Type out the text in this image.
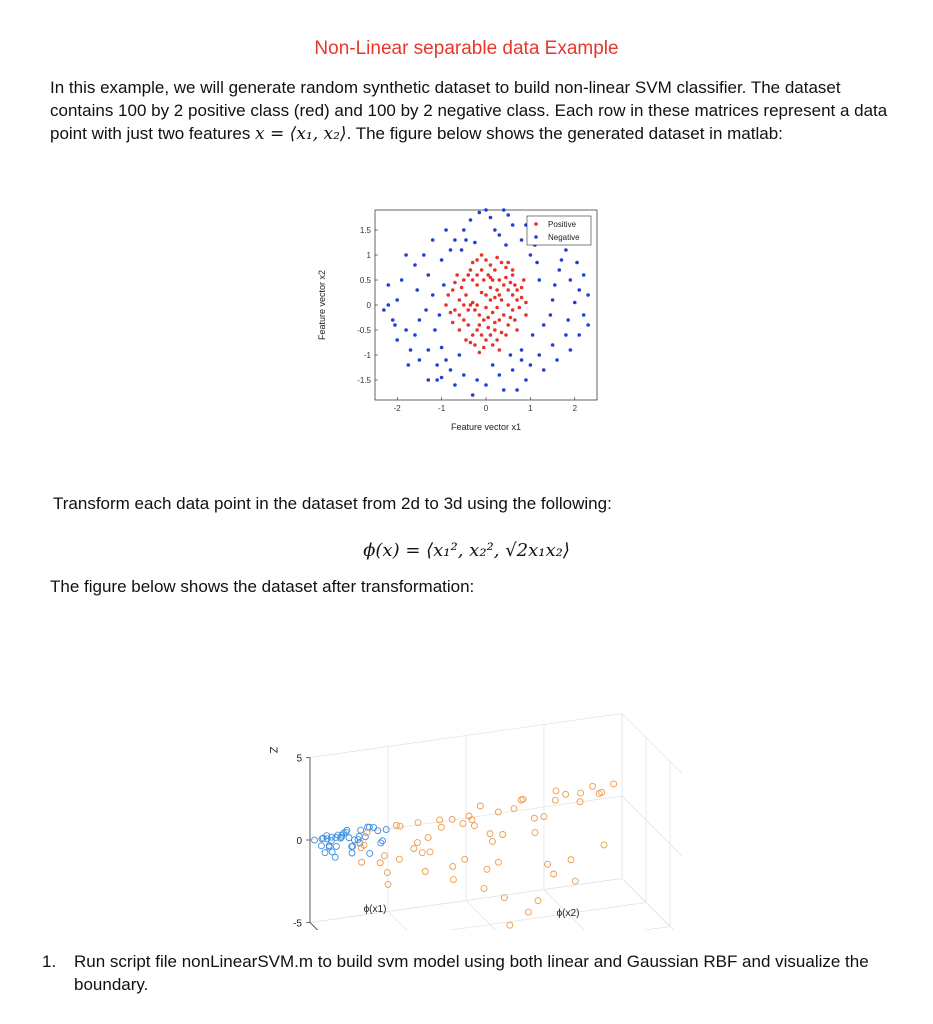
Non-Linear separable data Example
In this example, we will generate random synthetic dataset to build non-linear SVM classifier. The dataset contains 100 by 2 positive class (red) and 100 by 2 negative class. Each row in these matrices represent a data point with just two features x = ⟨x₁, x₂⟩. The figure below shows the generated dataset in matlab:
-2	-1	0	1	2
1.5
1
0.5
0
-0.5
-1
-1.5
Feature vector x1
Feature vector x2
Positive
Negative
Transform each data point in the dataset from 2d to 3d using the following:
ϕ(x) = ⟨x₁², x₂², √2x₁x₂⟩
The figure below shows the dataset after transformation:
5
0
-5
ϕ(x1)	ϕ(x2)
Z
1. Run script file nonLinearSVM.m to build svm model using both linear and Gaussian RBF and visualize the boundary.
